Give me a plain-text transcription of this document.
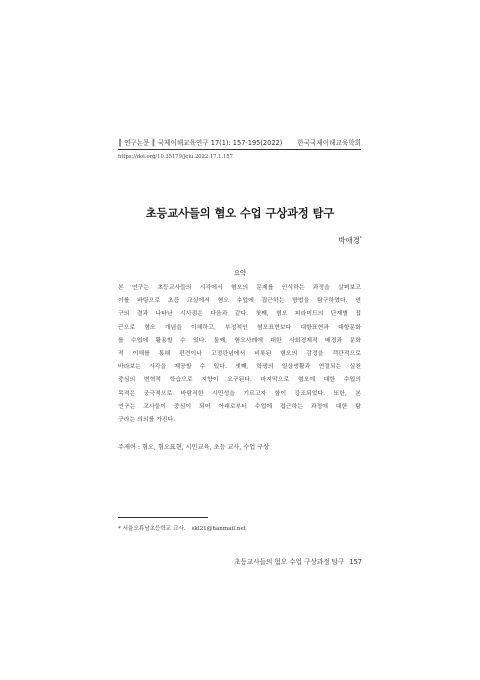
║ 연구논문 ║ 국제이해교육연구 17(1): 157-195(2022) 한국국제이해교육학회
https://doi.org/10.35179/jeiu.2022.17.1.157
초등교사들의 혐오 수업 구상과정 탐구
박애경*
요약
본 연구는 초등교사들의 시각에서 혐오의 문제를 인식하는 과정을 살펴보고
이를 바탕으로 초등 교실에서 혐오 수업에 접근하는 방법을 탐구하였다. 연
구의 결과 나타난 시사점은 다음과 같다. 첫째, 혐오 피라미드의 단계별 접
근으로 혐오 개념을 이해하고, 부정적인 혐오표현보다 대항표현과 대항문화
를 수업에 활용할 수 있다. 둘째, 혐오사례에 대한 사회경제적 배경과 문화
적 이해를 통해 편견이나 고정관념에서 비롯된 혐오의 감정을 객관적으로
바라보는 시각을 제공할 수 있다. 셋째, 학생의 일상생활과 연결되는 실천
중심의 변혁적 학습으로 지향이 요구된다. 마지막으로 혐오에 대한 수업의
목적은 궁극적으로 바람직한 시민성을 기르고자 함이 강조되었다. 또한, 본
연구는 교사들이 중심이 되어 아래로부터 수업에 접근하는 과정에 대한 탐
구라는 의의를 가진다.
주제어 : 혐오, 혐오표현, 시민교육, 초등 교사, 수업 구상
* 서울오류남초등학교 교사. skl21@hanmail.net
초등교사들의 혐오 수업 구상과정 탐구 157
